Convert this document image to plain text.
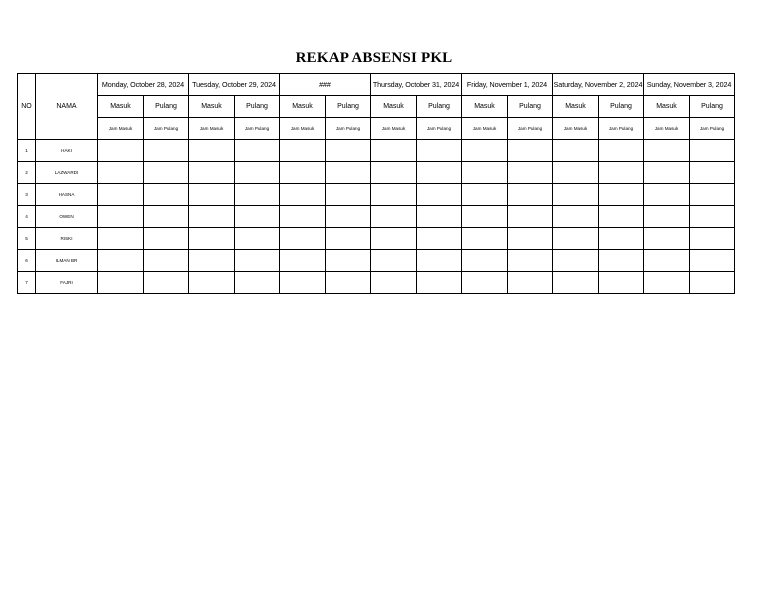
REKAP ABSENSI PKL
NO	NAMA	Monday, October 28, 2024		Tuesday, October 29, 2024		###		Thursday, October 31, 2024		Friday, November 1, 2024		Saturday, November 2, 2024		Sunday, November 3, 2024	
		Masuk	Pulang	Masuk	Pulang	Masuk	Pulang	Masuk	Pulang	Masuk	Pulang	Masuk	Pulang	Masuk	Pulang
		Jam Masuk	Jam Pulang	Jam Masuk	Jam Pulang	Jam Masuk	Jam Pulang	Jam Masuk	Jam Pulang	Jam Masuk	Jam Pulang	Jam Masuk	Jam Pulang	Jam Masuk	Jam Pulang
1	HAKI														
2	LAZWARDI														
3	HASNA														
4	OWEN														
5	RISKI														
6	ILMAN BR														
7	FAJRI														
